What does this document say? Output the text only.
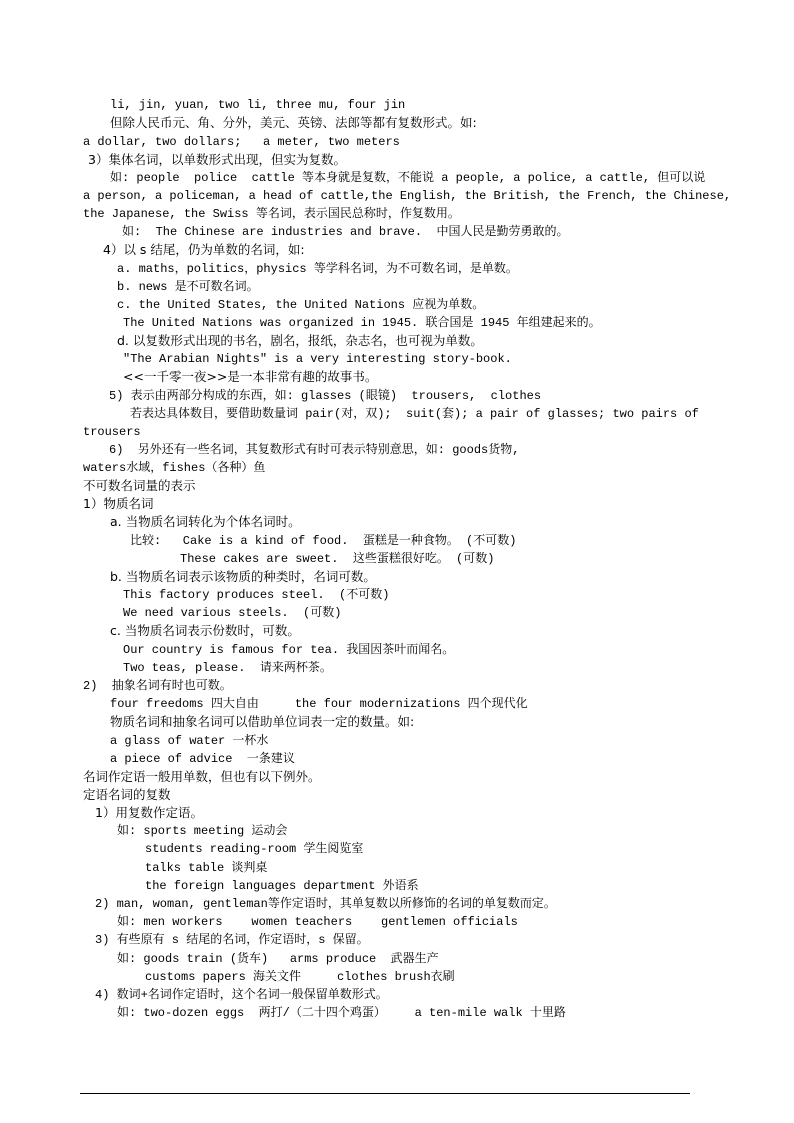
li, jin, yuan, two li, three mu, four jin
但除人民币元、角、分外，美元、英镑、法郎等都有复数形式。如:
a dollar, two dollars;   a meter, two meters
3）集体名词，以单数形式出现，但实为复数。
如: people  police  cattle 等本身就是复数，不能说 a people, a police, a cattle, 但可以说
a person, a policeman, a head of cattle,the English, the British, the French, the Chinese,
the Japanese, the Swiss 等名词，表示国民总称时，作复数用。
如:  The Chinese are industries and brave.  中国人民是勤劳勇敢的。
4）以 s 结尾，仍为单数的名词，如:
a. maths，politics，physics 等学科名词，为不可数名词，是单数。
b. news 是不可数名词。
c. the United States, the United Nations 应视为单数。
The United Nations was organized in 1945. 联合国是 1945 年组建起来的。
d. 以复数形式出现的书名，剧名，报纸，杂志名，也可视为单数。
"The Arabian Nights" is a very interesting story-book.
<<一千零一夜>>是一本非常有趣的故事书。
5) 表示由两部分构成的东西，如: glasses (眼镜)  trousers,  clothes
若表达具体数目，要借助数量词 pair(对，双);  suit(套); a pair of glasses; two pairs of
trousers
6)  另外还有一些名词，其复数形式有时可表示特别意思，如: goods货物,
waters水域，fishes（各种）鱼
不可数名词量的表示
1）物质名词
a. 当物质名词转化为个体名词时。
比较:   Cake is a kind of food.  蛋糕是一种食物。 (不可数)
These cakes are sweet.  这些蛋糕很好吃。 (可数)
b. 当物质名词表示该物质的种类时，名词可数。
This factory produces steel.  (不可数)
We need various steels.  (可数)
c. 当物质名词表示份数时，可数。
Our country is famous for tea. 我国因茶叶而闻名。
Two teas, please.  请来两杯茶。
2)  抽象名词有时也可数。
four freedoms 四大自由     the four modernizations 四个现代化
物质名词和抽象名词可以借助单位词表一定的数量。如:
a glass of water 一杯水
a piece of advice  一条建议
名词作定语一般用单数，但也有以下例外。
定语名词的复数
1）用复数作定语。
如: sports meeting 运动会
students reading-room 学生阅览室
talks table 谈判桌
the foreign languages department 外语系
2) man, woman, gentleman等作定语时，其单复数以所修饰的名词的单复数而定。
如: men workers    women teachers    gentlemen officials
3) 有些原有 s 结尾的名词，作定语时，s 保留。
如: goods train (货车)   arms produce  武器生产
customs papers 海关文件     clothes brush衣刷
4) 数词+名词作定语时，这个名词一般保留单数形式。
如: two-dozen eggs  两打/（二十四个鸡蛋）    a ten-mile walk 十里路
